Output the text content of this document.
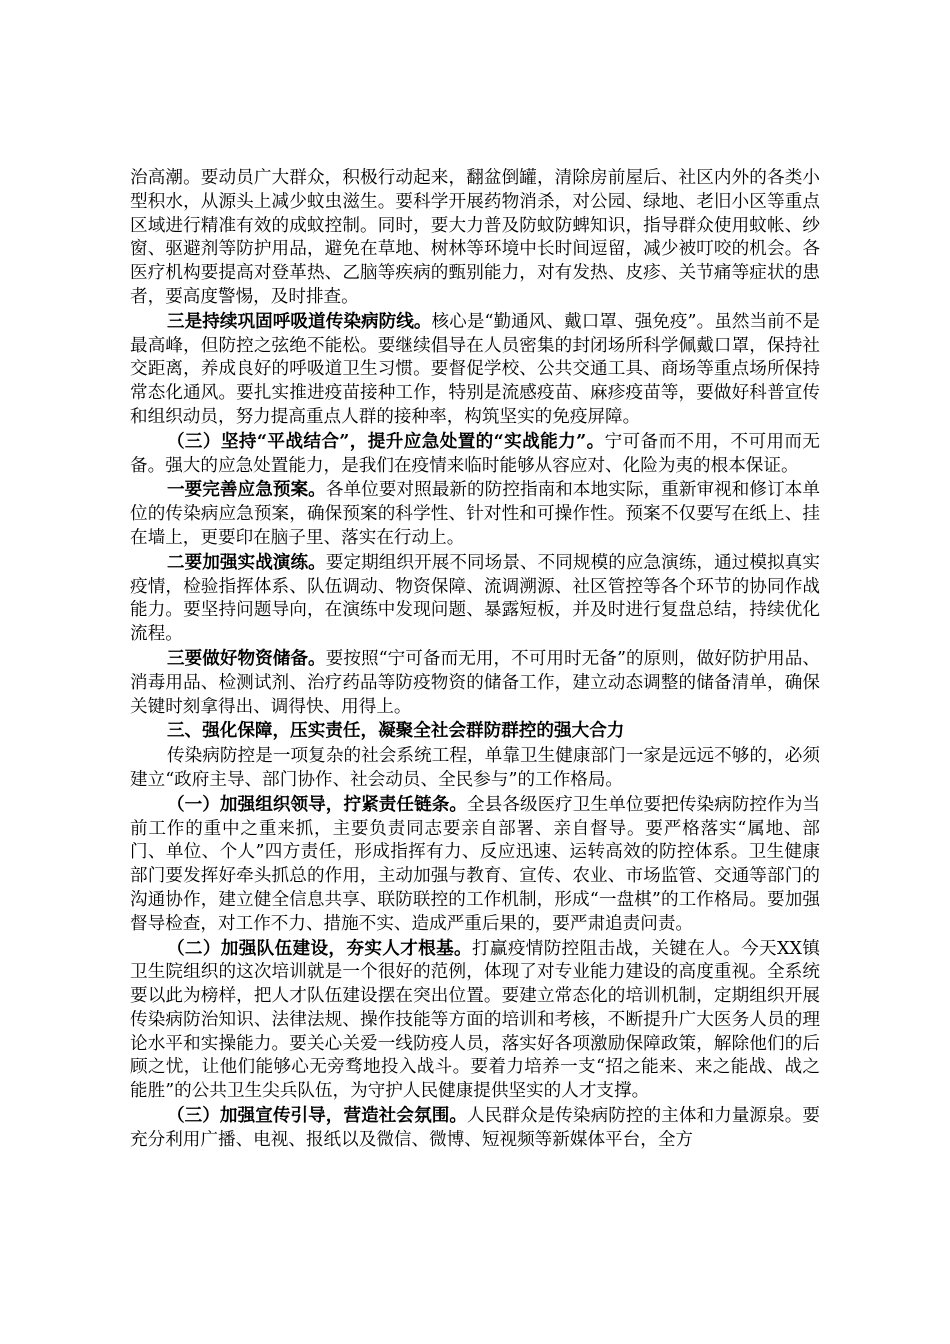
治高潮。要动员广大群众，积极行动起来，翻盆倒罐，清除房前屋后、社区内外的各类小型积水，从源头上减少蚊虫滋生。要科学开展药物消杀，对公园、绿地、老旧小区等重点区域进行精准有效的成蚊控制。同时，要大力普及防蚊防蜱知识，指导群众使用蚊帐、纱窗、驱避剂等防护用品，避免在草地、树林等环境中长时间逗留，减少被叮咬的机会。各医疗机构要提高对登革热、乙脑等疾病的甄别能力，对有发热、皮疹、关节痛等症状的患者，要高度警惕，及时排查。

三是持续巩固呼吸道传染病防线。核心是“勤通风、戴口罩、强免疫”。虽然当前不是最高峰，但防控之弦绝不能松。要继续倡导在人员密集的封闭场所科学佩戴口罩，保持社交距离，养成良好的呼吸道卫生习惯。要督促学校、公共交通工具、商场等重点场所保持常态化通风。要扎实推进疫苗接种工作，特别是流感疫苗、麻疹疫苗等，要做好科普宣传和组织动员，努力提高重点人群的接种率，构筑坚实的免疫屏障。

（三）坚持“平战结合”，提升应急处置的“实战能力”。宁可备而不用，不可用而无备。强大的应急处置能力，是我们在疫情来临时能够从容应对、化险为夷的根本保证。

一要完善应急预案。各单位要对照最新的防控指南和本地实际，重新审视和修订本单位的传染病应急预案，确保预案的科学性、针对性和可操作性。预案不仅要写在纸上、挂在墙上，更要印在脑子里、落实在行动上。

二要加强实战演练。要定期组织开展不同场景、不同规模的应急演练，通过模拟真实疫情，检验指挥体系、队伍调动、物资保障、流调溯源、社区管控等各个环节的协同作战能力。要坚持问题导向，在演练中发现问题、暴露短板，并及时进行复盘总结，持续优化流程。

三要做好物资储备。要按照“宁可备而无用，不可用时无备”的原则，做好防护用品、消毒用品、检测试剂、治疗药品等防疫物资的储备工作，建立动态调整的储备清单，确保关键时刻拿得出、调得快、用得上。

三、强化保障，压实责任，凝聚全社会群防群控的强大合力

传染病防控是一项复杂的社会系统工程，单靠卫生健康部门一家是远远不够的，必须建立“政府主导、部门协作、社会动员、全民参与”的工作格局。

（一）加强组织领导，拧紧责任链条。全县各级医疗卫生单位要把传染病防控作为当前工作的重中之重来抓，主要负责同志要亲自部署、亲自督导。要严格落实“属地、部门、单位、个人”四方责任，形成指挥有力、反应迅速、运转高效的防控体系。卫生健康部门要发挥好牵头抓总的作用，主动加强与教育、宣传、农业、市场监管、交通等部门的沟通协作，建立健全信息共享、联防联控的工作机制，形成“一盘棋”的工作格局。要加强督导检查，对工作不力、措施不实、造成严重后果的，要严肃追责问责。

（二）加强队伍建设，夯实人才根基。打赢疫情防控阻击战，关键在人。今天XX镇卫生院组织的这次培训就是一个很好的范例，体现了对专业能力建设的高度重视。全系统要以此为榜样，把人才队伍建设摆在突出位置。要建立常态化的培训机制，定期组织开展传染病防治知识、法律法规、操作技能等方面的培训和考核，不断提升广大医务人员的理论水平和实操能力。要关心关爱一线防疫人员，落实好各项激励保障政策，解除他们的后顾之忧，让他们能够心无旁骛地投入战斗。要着力培养一支“招之能来、来之能战、战之能胜”的公共卫生尖兵队伍，为守护人民健康提供坚实的人才支撑。

（三）加强宣传引导，营造社会氛围。人民群众是传染病防控的主体和力量源泉。要充分利用广播、电视、报纸以及微信、微博、短视频等新媒体平台，全方
